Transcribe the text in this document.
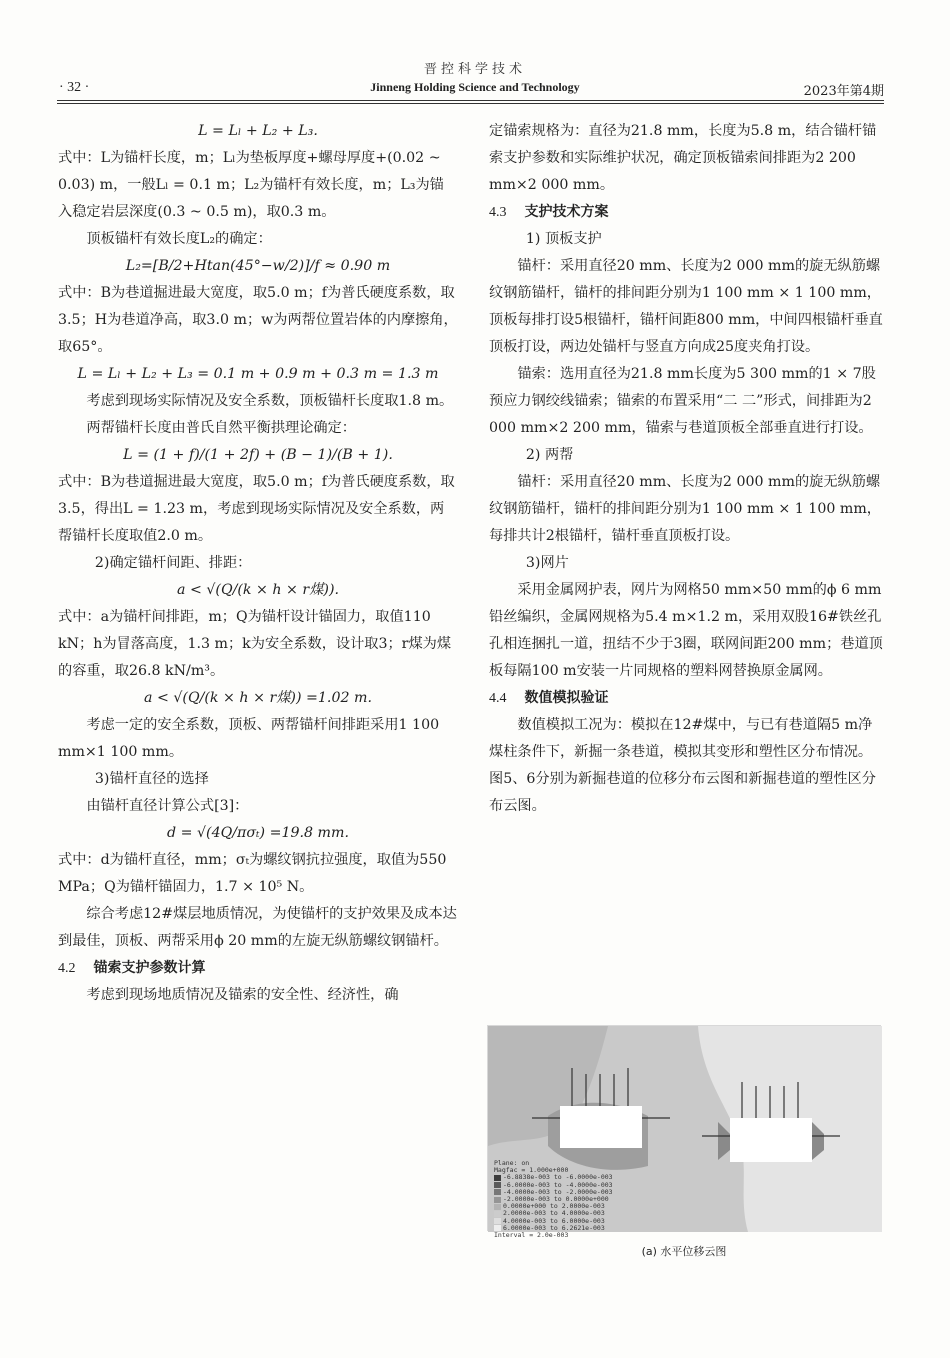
晋控科学技术
· 32 ·	Jinneng Holding Science and Technology	2023年第4期
L = Lₗ + L₂ + L₃.
式中：L为锚杆长度，m；Lₗ为垫板厚度+螺母厚度+(0.02 ~ 0.03) m，一般Lₗ = 0.1 m；L₂为锚杆有效长度，m；L₃为锚入稳定岩层深度(0.3 ~ 0.5 m)，取0.3 m。
顶板锚杆有效长度L₂的确定：
L₂=[B/2+Htan(45°−w/2)]/f ≈ 0.90 m
式中：B为巷道掘进最大宽度，取5.0 m；f为普氏硬度系数，取3.5；H为巷道净高，取3.0 m；w为两帮位置岩体的内摩擦角，取65°。
L = Lₗ + L₂ + L₃ = 0.1 m + 0.9 m + 0.3 m = 1.3 m
考虑到现场实际情况及安全系数，顶板锚杆长度取1.8 m。
两帮锚杆长度由普氏自然平衡拱理论确定：
L = (1 + f)/(1 + 2f) + (B − 1)/(B + 1).
式中：B为巷道掘进最大宽度，取5.0 m；f为普氏硬度系数，取3.5，得出L = 1.23 m，考虑到现场实际情况及安全系数，两帮锚杆长度取值2.0 m。
2)确定锚杆间距、排距：
a < √(Q/(k × h × r煤)).
式中：a为锚杆间排距，m；Q为锚杆设计锚固力，取值110 kN；h为冒落高度，1.3 m；k为安全系数，设计取3；r煤为煤的容重，取26.8 kN/m³。
a < √(Q/(k × h × r煤)) =1.02 m.
考虑一定的安全系数，顶板、两帮锚杆间排距采用1 100 mm×1 100 mm。
3)锚杆直径的选择
由锚杆直径计算公式[3]：
d = √(4Q/πσₜ) =19.8 mm.
式中：d为锚杆直径，mm；σₜ为螺纹钢抗拉强度，取值为550 MPa；Q为锚杆锚固力，1.7 × 10⁵ N。
综合考虑12#煤层地质情况，为使锚杆的支护效果及成本达到最佳，顶板、两帮采用ϕ 20 mm的左旋无纵筋螺纹钢锚杆。
4.2 锚索支护参数计算
考虑到现场地质情况及锚索的安全性、经济性，确
定锚索规格为：直径为21.8 mm，长度为5.8 m，结合锚杆锚索支护参数和实际维护状况，确定顶板锚索间排距为2 200 mm×2 000 mm。
4.3 支护技术方案
1) 顶板支护
锚杆：采用直径20 mm、长度为2 000 mm的旋无纵筋螺纹钢筋锚杆，锚杆的排间距分别为1 100 mm × 1 100 mm，顶板每排打设5根锚杆，锚杆间距800 mm，中间四根锚杆垂直顶板打设，两边处锚杆与竖直方向成25度夹角打设。
锚索：选用直径为21.8 mm长度为5 300 mm的1 × 7股预应力钢绞线锚索；锚索的布置采用“二 二”形式，间排距为2 000 mm×2 200 mm，锚索与巷道顶板全部垂直进行打设。
2) 两帮
锚杆：采用直径20 mm、长度为2 000 mm的旋无纵筋螺纹钢筋锚杆，锚杆的排间距分别为1 100 mm × 1 100 mm，每排共计2根锚杆，锚杆垂直顶板打设。
3)网片
采用金属网护表，网片为网格50 mm×50 mm的ϕ 6 mm铅丝编织，金属网规格为5.4 m×1.2 m，采用双股16#铁丝孔孔相连捆扎一道，扭结不少于3圈，联网间距200 mm；巷道顶板每隔100 m安装一片同规格的塑料网替换原金属网。
4.4 数值模拟验证
数值模拟工况为：模拟在12#煤中，与已有巷道隔5 m净煤柱条件下，新掘一条巷道，模拟其变形和塑性区分布情况。图5、6分别为新掘巷道的位移分布云图和新掘巷道的塑性区分布云图。
Plane: on
Magfac = 1.000e+000
-6.8838e-003 to -6.0000e-003
-6.0000e-003 to -4.0000e-003
-4.0000e-003 to -2.0000e-003
-2.0000e-003 to 0.0000e+000
0.0000e+000 to 2.0000e-003
2.0000e-003 to 4.0000e-003
4.0000e-003 to 6.0000e-003
6.0000e-003 to 6.2621e-003
Interval = 2.0e-003
(a) 水平位移云图
